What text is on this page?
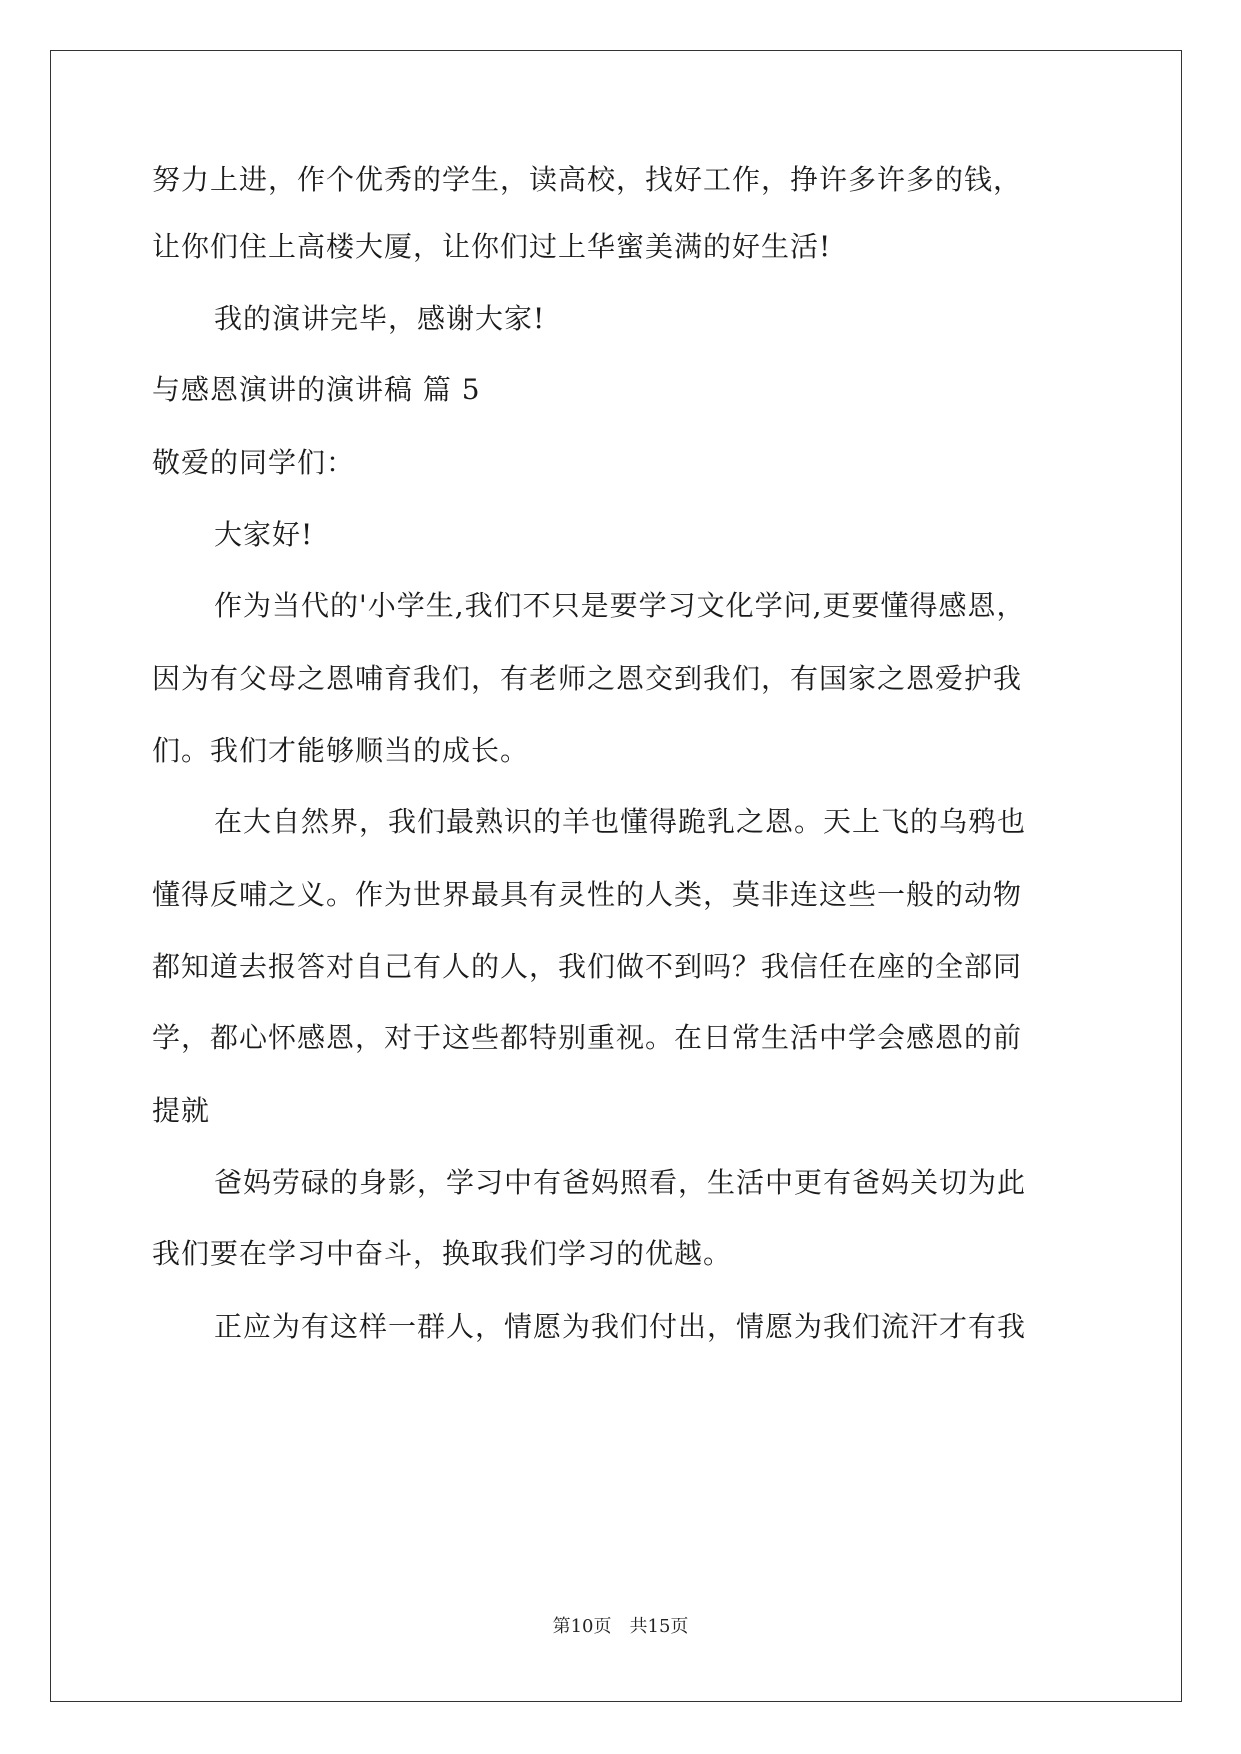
努力上进，作个优秀的学生，读高校，找好工作，挣许多许多的钱，
让你们住上高楼大厦，让你们过上华蜜美满的好生活!
我的演讲完毕，感谢大家!
与感恩演讲的演讲稿 篇 5
敬爱的同学们：
大家好!
作为当代的'小学生,我们不只是要学习文化学问,更要懂得感恩，
因为有父母之恩哺育我们，有老师之恩交到我们，有国家之恩爱护我
们。我们才能够顺当的成长。
在大自然界，我们最熟识的羊也懂得跪乳之恩。天上飞的乌鸦也
懂得反哺之义。作为世界最具有灵性的人类，莫非连这些一般的动物
都知道去报答对自己有人的人，我们做不到吗？我信任在座的全部同
学，都心怀感恩，对于这些都特别重视。在日常生活中学会感恩的前
提就
爸妈劳碌的身影，学习中有爸妈照看，生活中更有爸妈关切为此
我们要在学习中奋斗，换取我们学习的优越。
正应为有这样一群人，情愿为我们付出，情愿为我们流汗才有我
第10页 共15页
